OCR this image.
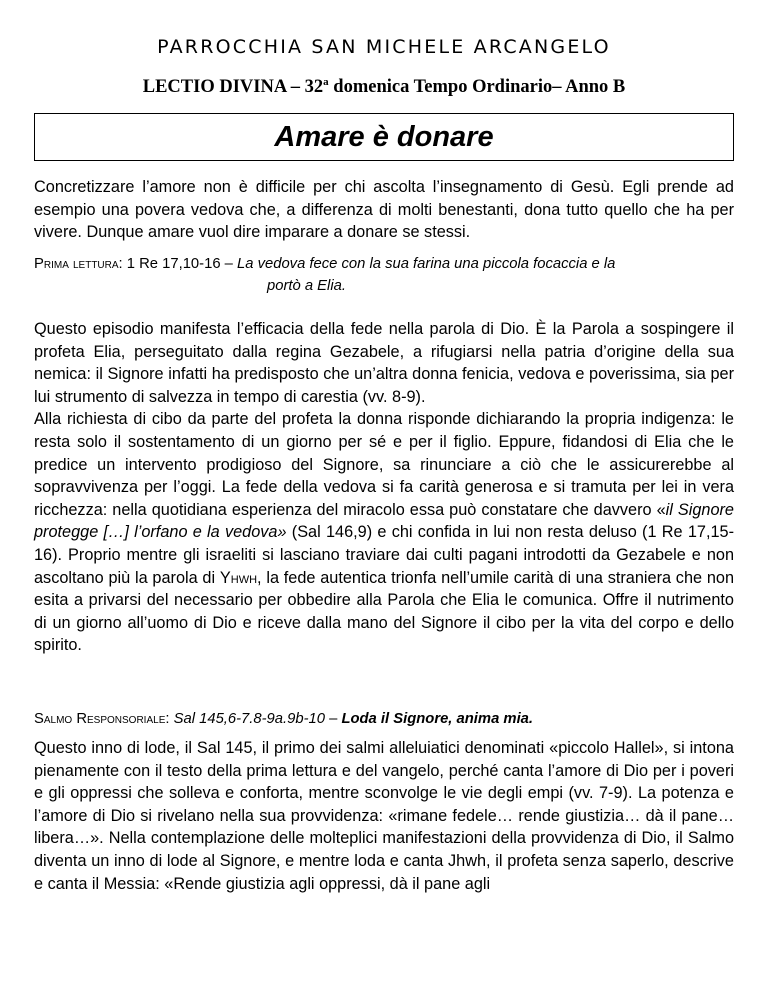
PARROCCHIA SAN MICHELE ARCANGELO
LECTIO DIVINA – 32$^a$ domenica Tempo Ordinario– Anno B
Amare è donare

Concretizzare l’amore non è difficile per chi ascolta l’insegnamento di Gesù. Egli prende ad esempio una povera vedova che, a differenza di molti benestanti, dona tutto quello che ha per vivere. Dunque amare vuol dire imparare a donare se stessi.

Prima lettura: 1 Re 17,10-16 – La vedova fece con la sua farina una piccola focaccia e la
portò a Elia.

Questo episodio manifesta l’efficacia della fede nella parola di Dio. È la Parola a sospingere il profeta Elia, perseguitato dalla regina Gezabele, a rifugiarsi nella patria d’origine della sua nemica: il Signore infatti ha predisposto che un’altra donna fenicia, vedova e poverissima, sia per lui strumento di salvezza in tempo di carestia (vv. 8-9).
Alla richiesta di cibo da parte del profeta la donna risponde dichiarando la propria indigenza: le resta solo il sostentamento di un giorno per sé e per il figlio. Eppure, fidandosi di Elia che le predice un intervento prodigioso del Signore, sa rinunciare a ciò che le assicurerebbe al sopravvivenza per l’oggi. La fede della vedova si fa carità generosa e si tramuta per lei in vera ricchezza: nella quotidiana esperienza del miracolo essa può constatare che davvero «il Signore protegge […] l’orfano e la vedova» (Sal 146,9) e chi confida in lui non resta deluso (1 Re 17,15-16). Proprio mentre gli israeliti si lasciano traviare dai culti pagani introdotti da Gezabele e non ascoltano più la parola di Yhwh, la fede autentica trionfa nell’umile carità di una straniera che non esita a privarsi del necessario per obbedire alla Parola che Elia le comunica. Offre il nutrimento di un giorno all’uomo di Dio e riceve dalla mano del Signore il cibo per la vita del corpo e dello spirito.

Salmo Responsoriale: Sal 145,6-7.8-9a.9b-10 – Loda il Signore, anima mia.

Questo inno di lode, il Sal 145, il primo dei salmi alleluiatici denominati «piccolo Hallel», si intona pienamente con il testo della prima lettura e del vangelo, perché canta l’amore di Dio per i poveri e gli oppressi che solleva e conforta, mentre sconvolge le vie degli empi (vv. 7-9). La potenza e l’amore di Dio si rivelano nella sua provvidenza: «rimane fedele… rende giustizia… dà il pane… libera…». Nella contemplazione delle molteplici manifestazioni della provvidenza di Dio, il Salmo diventa un inno di lode al Signore, e mentre loda e canta Jhwh, il profeta senza saperlo, descrive e canta il Messia: «Rende giustizia agli oppressi, dà il pane agli
